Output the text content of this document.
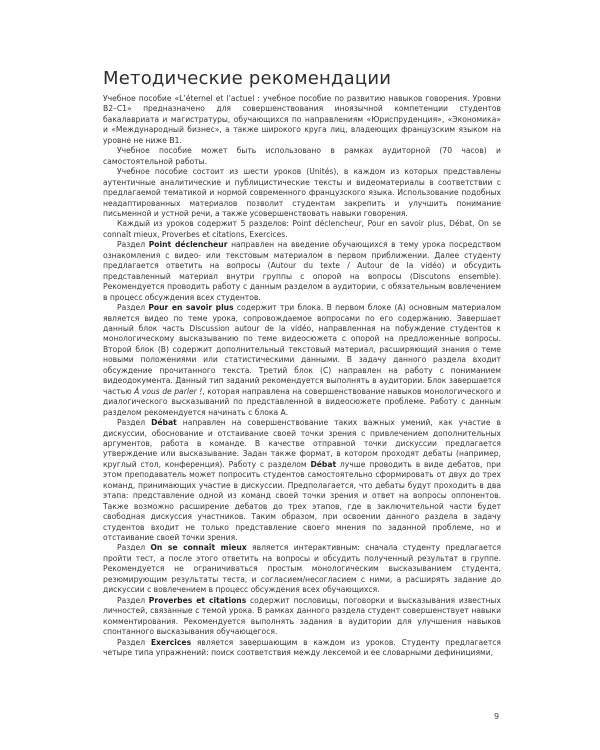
Методические рекомендации

Учебное пособие «L’éternel et l’actuel : учебное пособие по развитию навыков говорения. Уровни B2–C1» предназначено для совершенствования иноязычной компетенции студентов бакалавриата и магистратуры, обучающихся по направлениям «Юриспруденция», «Экономика» и «Международный бизнес», а также широкого круга лиц, владеющих французским языком на уровне не ниже B1.

Учебное пособие может быть использовано в рамках аудиторной (70 часов) и самостоятельной работы.

Учебное пособие состоит из шести уроков (Unités), в каждом из которых представлены аутентичные аналитические и публицистические тексты и видеоматериалы в соответствии с предлагаемой тематикой и нормой современного французского языка. Использование подобных неадаптированных материалов позволит студентам закрепить и улучшить понимание письменной и устной речи, а также усовершенствовать навыки говорения.

Каждый из уроков содержит 5 разделов: Point déclencheur, Pour en savoir plus, Débat, On se connaît mieux, Proverbes et citations, Exercices.

Раздел Point déclencheur направлен на введение обучающихся в тему урока посредством ознакомления с видео- или текстовым материалом в первом приближении. Далее студенту предлагается ответить на вопросы (Autour du texte / Autour de la vidéo) и обсудить представленный материал внутри группы с опорой на вопросы (Discutons ensemble). Рекомендуется проводить работу с данным разделом в аудитории, с обязательным вовлечением в процесс обсуждения всех студентов.

Раздел Pour en savoir plus содержит три блока. В первом блоке (А) основным материалом является видео по теме урока, сопровождаемое вопросами по его содержанию. Завершает данный блок часть Discussion autour de la vidéo, направленная на побуждение студентов к монологическому высказыванию по теме видеосюжета с опорой на предложенные вопросы. Второй блок (В) содержит дополнительный текстовый материал, расширяющий знания о теме новыми положениями или статистическими данными. В задачу данного раздела входит обсуждение прочитанного текста. Третий блок (С) направлен на работу с пониманием видеодокумента. Данный тип заданий рекомендуется выполнять в аудитории. Блок завершается частью À vous de parler !, которая направлена на совершенствование навыков монологического и диалогического высказываний по представленной в видеосюжете проблеме. Работу с данным разделом рекомендуется начинать с блока А.

Раздел Débat направлен на совершенствование таких важных умений, как участие в дискуссии, обоснование и отстаивание своей точки зрения с привлечением дополнительных аргументов, работа в команде. В качестве отправной точки дискуссии предлагается утверждение или высказывание. Задан также формат, в котором проходят дебаты (например, круглый стол, конференция). Работу с разделом Débat лучше проводить в виде дебатов, при этом преподаватель может попросить студентов самостоятельно сформировать от двух до трех команд, принимающих участие в дискуссии. Предполагается, что дебаты будут проходить в два этапа: представление одной из команд своей точки зрения и ответ на вопросы оппонентов. Также возможно расширение дебатов до трех этапов, где в заключительной части будет свободная дискуссия участников. Таким образом, при освоении данного раздела в задачу студентов входит не только представление своего мнения по заданной проблеме, но и отстаивание своей точки зрения.

Раздел On se connaît mieux является интерактивным: сначала студенту предлагается пройти тест, а после этого ответить на вопросы и обсудить полученный результат в группе. Рекомендуется не ограничиваться простым монологическим высказыванием студента, резюмирующим результаты теста, и согласием/несогласием с ними, а расширять задание до дискуссии с вовлечением в процесс обсуждения всех обучающихся.

Раздел Proverbes et citations содержит пословицы, поговорки и высказывания известных личностей, связанные с темой урока. В рамках данного раздела студент совершенствует навыки комментирования. Рекомендуется выполнять задания в аудитории для улучшения навыков спонтанного высказывания обучающегося.

Раздел Exercices является завершающим в каждом из уроков. Студенту предлагается четыре типа упражнений: поиск соответствия между лексемой и ее словарными дефинициями,

9
